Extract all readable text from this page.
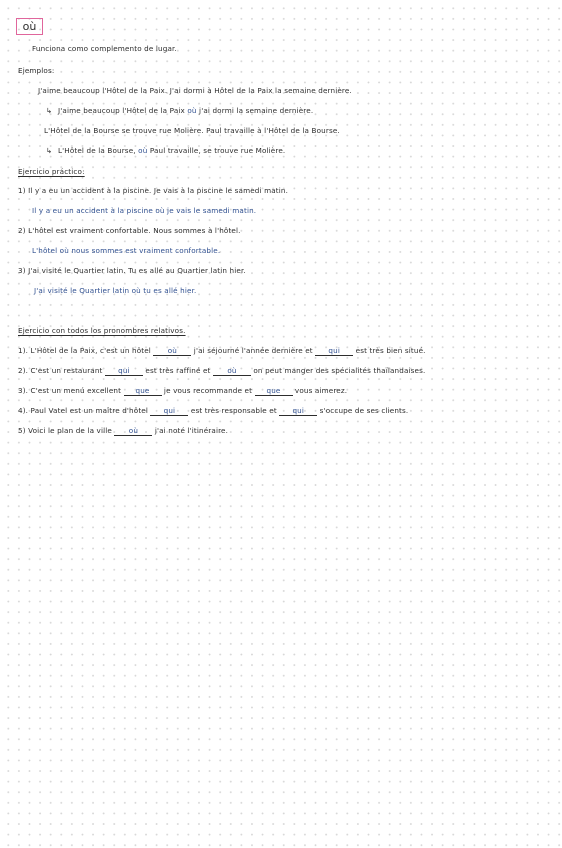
où
Funciona como complemento de lugar.
Ejemplos:
J'aime beaucoup l'Hôtel de la Paix. J'ai dormi à Hôtel de la Paix la semaine dernière.
↳ J'aime beaucoup l'Hôtel de la Paix où j'ai dormi la semaine dernière.
L'Hôtel de la Bourse se trouve rue Molière. Paul travaille à l'Hôtel de la Bourse.
↳ L'Hôtel de la Bourse, où Paul travaille, se trouve rue Molière.
Ejercicio práctico:
1) Il y a eu un accident à la piscine. Je vais à la piscine le samedi matin.
Il y a eu un accident à la piscine où je vais le samedi matin.
2) L'hôtel est vraiment confortable. Nous sommes à l'hôtel.
L'hôtel où nous sommes est vraiment confortable.
3) J'ai visité le Quartier latin. Tu es allé au Quartier latin hier.
J'ai visité le Quartier latin où tu es allé hier.
Ejercicio con todos los pronombres relativos.
1). L'Hôtel de la Paix, c'est un hôtel où j'ai séjourné l'année dernière et qui est très bien situé.
2). C'est un restaurant qui est très raffiné et où on peut manger des spécialités thaïlandaises.
3). C'est un menú excellent que je vous recommande et que vous aimerez.
4). Paul Vatel est un maître d'hôtel qui est très responsable et qui s'occupe de ses clients.
5) Voici le plan de la ville où j'ai noté l'itinéraire.
